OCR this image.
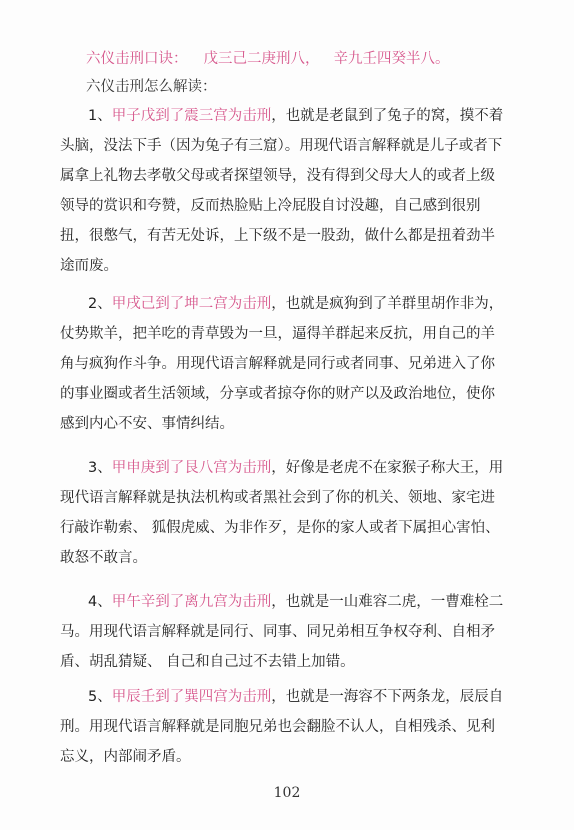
六仪击刑口诀： 戊三己二庚刑八， 辛九壬四癸半八。
六仪击刑怎么解读：

1、甲子戊到了震三宫为击刑，也就是老鼠到了兔子的窝，摸不着头脑，没法下手（因为兔子有三窟）。用现代语言解释就是儿子或者下属拿上礼物去孝敬父母或者探望领导，没有得到父母大人的或者上级领导的赏识和夸赞，反而热脸贴上冷屁股自讨没趣，自己感到很别扭，很憋气，有苦无处诉，上下级不是一股劲，做什么都是扭着劲半途而废。

2、甲戌己到了坤二宫为击刑，也就是疯狗到了羊群里胡作非为，仗势欺羊，把羊吃的青草毁为一旦，逼得羊群起来反抗，用自己的羊角与疯狗作斗争。用现代语言解释就是同行或者同事、兄弟进入了你的事业圈或者生活领域，分享或者掠夺你的财产以及政治地位，使你感到内心不安、事情纠结。

3、甲申庚到了艮八宫为击刑，好像是老虎不在家猴子称大王，用现代语言解释就是执法机构或者黑社会到了你的机关、领地、家宅进行敲诈勒索、 狐假虎威、为非作歹，是你的家人或者下属担心害怕、敢怒不敢言。

4、甲午辛到了离九宫为击刑，也就是一山难容二虎，一曹难栓二马。用现代语言解释就是同行、同事、同兄弟相互争权夺利、自相矛盾、胡乱猜疑、 自己和自己过不去错上加错。

5、甲辰壬到了巽四宫为击刑，也就是一海容不下两条龙，辰辰自刑。用现代语言解释就是同胞兄弟也会翻脸不认人，自相残杀、见利忘义，内部闹矛盾。

102
